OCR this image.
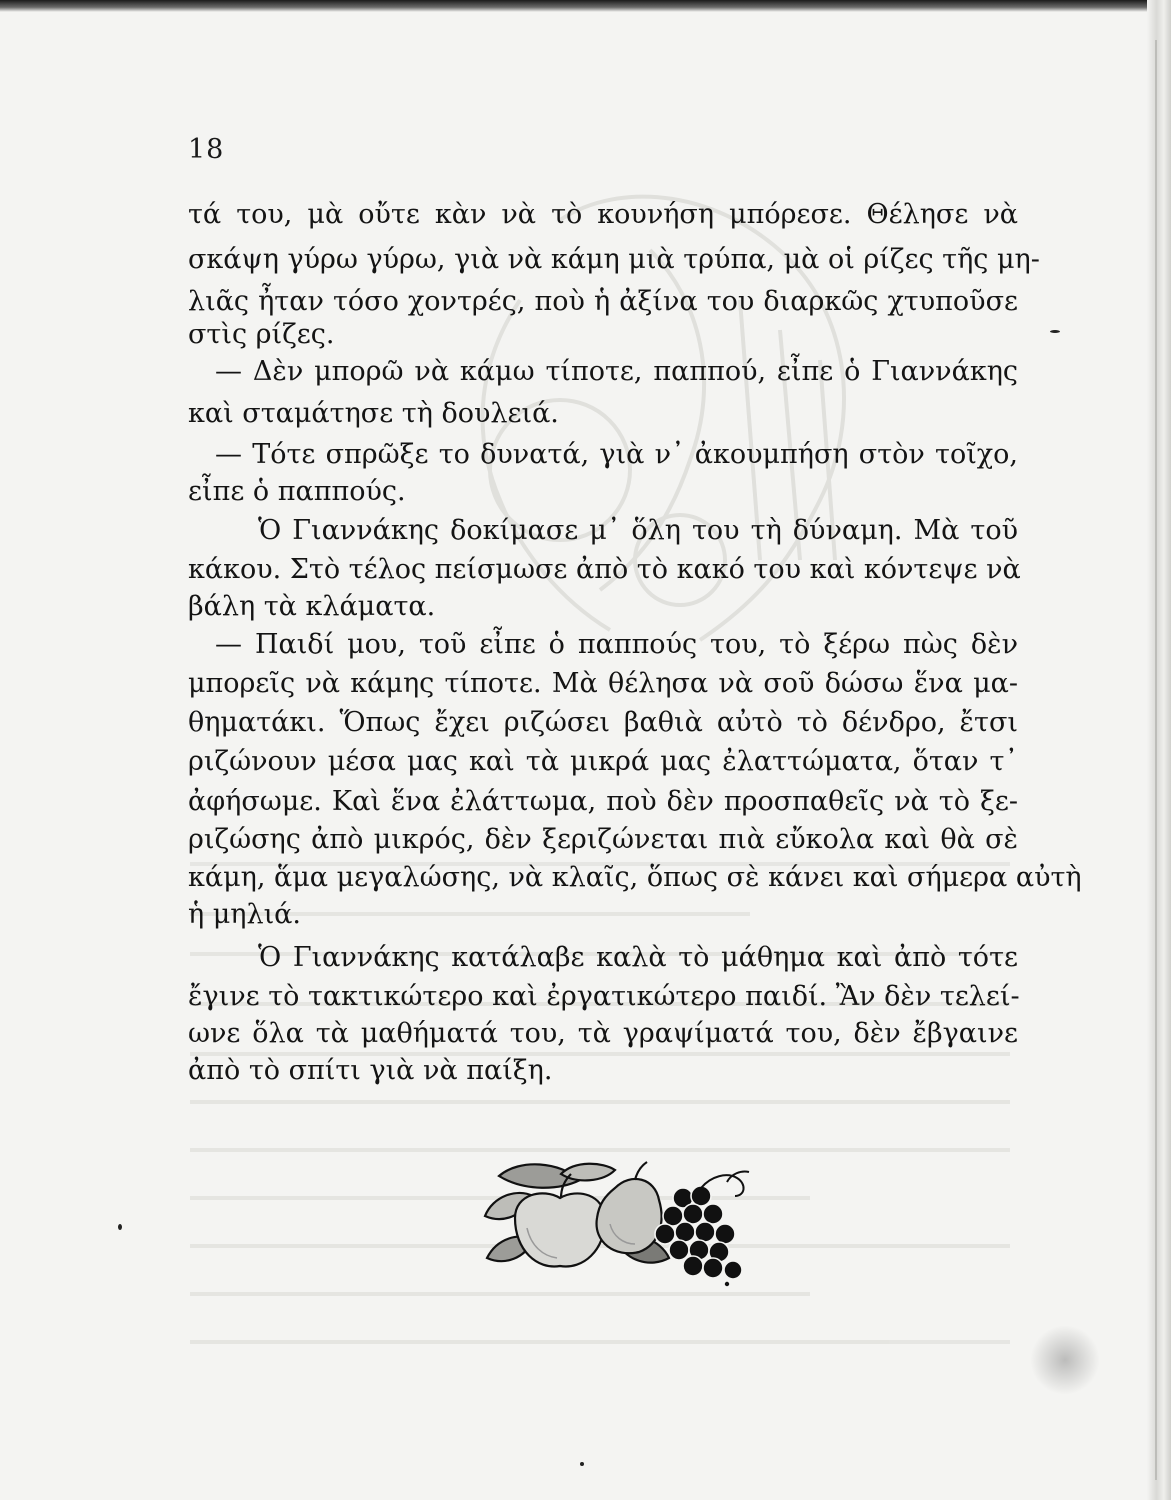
18
τά του, μὰ οὔτε κὰν νὰ τὸ κουνήση μπόρεσε. Θέλησε νὰ
σκάψη γύρω γύρω, γιὰ νὰ κάμη μιὰ τρύπα, μὰ οἱ ρίζες τῆς μη-
λιᾶς ἦταν τόσο χοντρές, ποὺ ἡ ἀξίνα του διαρκῶς χτυποῦσε
στὶς ρίζες.
— Δὲν μπορῶ νὰ κάμω τίποτε, παππού, εἶπε ὁ Γιαννάκης
καὶ σταμάτησε τὴ δουλειά.
— Τότε σπρῶξε το δυνατά, γιὰ ν᾿ ἀκουμπήση στὸν τοῖχο,
εἶπε ὁ παππούς.
Ὁ Γιαννάκης δοκίμασε μ᾿ ὅλη του τὴ δύναμη. Μὰ τοῦ
κάκου. Στὸ τέλος πείσμωσε ἀπὸ τὸ κακό του καὶ κόντεψε νὰ
βάλη τὰ κλάματα.
— Παιδί μου, τοῦ εἶπε ὁ παππούς του, τὸ ξέρω πὼς δὲν
μπορεῖς νὰ κάμης τίποτε. Μὰ θέλησα νὰ σοῦ δώσω ἕνα μα-
θηματάκι. Ὅπως ἔχει ριζώσει βαθιὰ αὐτὸ τὸ δένδρο, ἔτσι
ριζώνουν μέσα μας καὶ τὰ μικρά μας ἐλαττώματα, ὅταν τ᾿
ἀφήσωμε. Καὶ ἕνα ἐλάττωμα, ποὺ δὲν προσπαθεῖς νὰ τὸ ξε-
ριζώσης ἀπὸ μικρός, δὲν ξεριζώνεται πιὰ εὔκολα καὶ θὰ σὲ
κάμη, ἅμα μεγαλώσης, νὰ κλαῖς, ὅπως σὲ κάνει καὶ σήμερα αὐτὴ
ἡ μηλιά.
Ὁ Γιαννάκης κατάλαβε καλὰ τὸ μάθημα καὶ ἀπὸ τότε
ἔγινε τὸ τακτικώτερο καὶ ἐργατικώτερο παιδί. Ἂν δὲν τελεί-
ωνε ὅλα τὰ μαθήματά του, τὰ γραψίματά του, δὲν ἔβγαινε
ἀπὸ τὸ σπίτι γιὰ νὰ παίξη.
